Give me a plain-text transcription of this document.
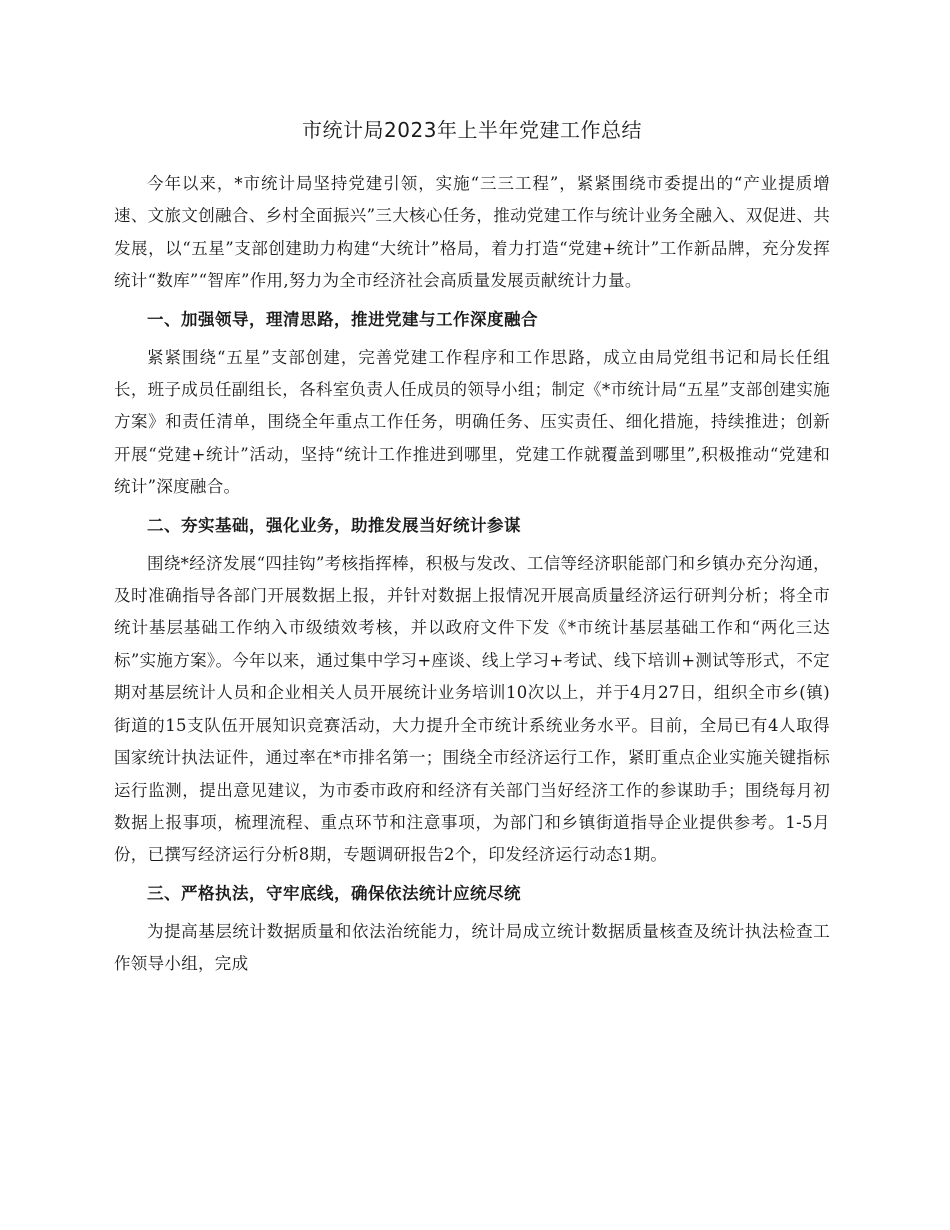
市统计局2023年上半年党建工作总结

今年以来，*市统计局坚持党建引领，实施“三三工程”，紧紧围绕市委提出的“产业提质增速、文旅文创融合、乡村全面振兴”三大核心任务，推动党建工作与统计业务全融入、双促进、共发展，以“五星”支部创建助力构建“大统计”格局，着力打造“党建+统计”工作新品牌，充分发挥统计“数库”“智库”作用,努力为全市经济社会高质量发展贡献统计力量。

一、加强领导，理清思路，推进党建与工作深度融合

紧紧围绕“五星”支部创建，完善党建工作程序和工作思路，成立由局党组书记和局长任组长，班子成员任副组长，各科室负责人任成员的领导小组；制定《*市统计局“五星”支部创建实施方案》和责任清单，围绕全年重点工作任务，明确任务、压实责任、细化措施，持续推进；创新开展“党建+统计”活动，坚持“统计工作推进到哪里，党建工作就覆盖到哪里”,积极推动“党建和统计”深度融合。

二、夯实基础，强化业务，助推发展当好统计参谋

围绕*经济发展“四挂钩”考核指挥棒，积极与发改、工信等经济职能部门和乡镇办充分沟通，及时准确指导各部门开展数据上报，并针对数据上报情况开展高质量经济运行研判分析；将全市统计基层基础工作纳入市级绩效考核，并以政府文件下发《*市统计基层基础工作和“两化三达标”实施方案》。今年以来，通过集中学习+座谈、线上学习+考试、线下培训+测试等形式，不定期对基层统计人员和企业相关人员开展统计业务培训10次以上，并于4月27日，组织全市乡(镇)街道的15支队伍开展知识竞赛活动，大力提升全市统计系统业务水平。目前，全局已有4人取得国家统计执法证件，通过率在*市排名第一；围绕全市经济运行工作，紧盯重点企业实施关键指标运行监测，提出意见建议，为市委市政府和经济有关部门当好经济工作的参谋助手；围绕每月初数据上报事项，梳理流程、重点环节和注意事项，为部门和乡镇街道指导企业提供参考。1-5月份，已撰写经济运行分析8期，专题调研报告2个，印发经济运行动态1期。

三、严格执法，守牢底线，确保依法统计应统尽统

为提高基层统计数据质量和依法治统能力，统计局成立统计数据质量核查及统计执法检查工作领导小组，完成
